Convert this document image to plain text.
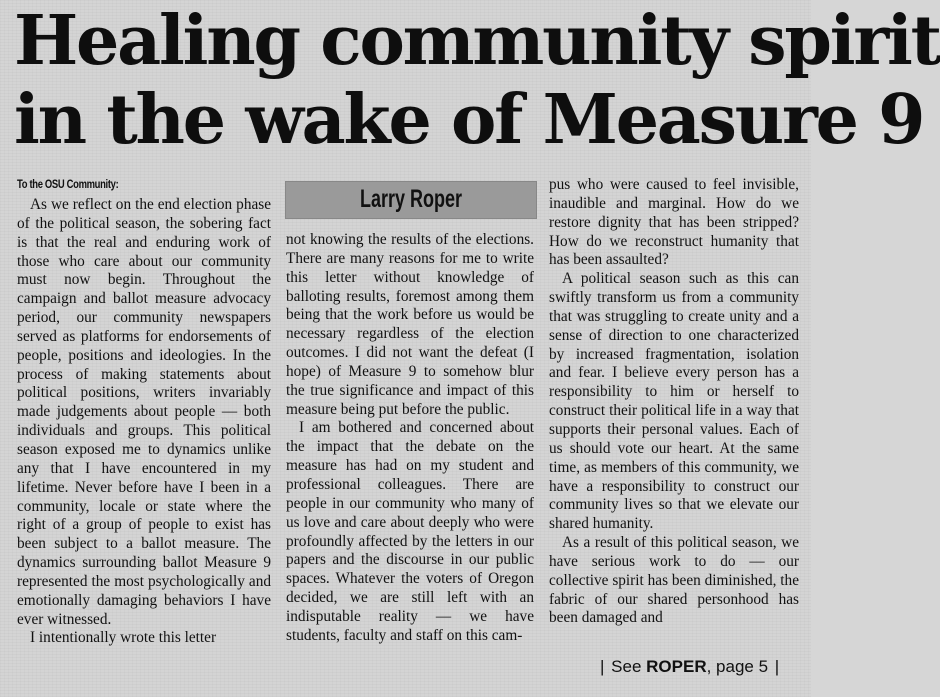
Healing community spirit
in the wake of Measure 9
To the OSU Community:

As we reflect on the end election phase of the political season, the sobering fact is that the real and enduring work of those who care about our community must now begin. Throughout the campaign and ballot measure advocacy period, our community newspapers served as platforms for endorsements of people, positions and ideologies. In the process of making statements about political positions, writers invariably made judgements about people — both individuals and groups. This political season exposed me to dynamics unlike any that I have encountered in my lifetime. Never before have I been in a community, locale or state where the right of a group of people to exist has been subject to a ballot measure. The dynamics surrounding ballot Measure 9 represented the most psychologically and emotionally damaging behaviors I have ever witnessed.

I intentionally wrote this letter

Larry Roper

not knowing the results of the elections. There are many reasons for me to write this letter without knowledge of balloting results, foremost among them being that the work before us would be necessary regardless of the election outcomes. I did not want the defeat (I hope) of Measure 9 to somehow blur the true significance and impact of this measure being put before the public.

I am bothered and concerned about the impact that the debate on the measure has had on my student and professional colleagues. There are people in our community who many of us love and care about deeply who were profoundly affected by the letters in our papers and the discourse in our public spaces. Whatever the voters of Oregon decided, we are still left with an indisputable reality — we have students, faculty and staff on this cam-

pus who were caused to feel invisible, inaudible and marginal. How do we restore dignity that has been stripped? How do we reconstruct humanity that has been assaulted?

A political season such as this can swiftly transform us from a community that was struggling to create unity and a sense of direction to one characterized by increased fragmentation, isolation and fear. I believe every person has a responsibility to him or herself to construct their political life in a way that supports their personal values. Each of us should vote our heart. At the same time, as members of this community, we have a responsibility to construct our community lives so that we elevate our shared humanity.

As a result of this political season, we have serious work to do — our collective spirit has been diminished, the fabric of our shared personhood has been damaged and

| See ROPER, page 5 |
